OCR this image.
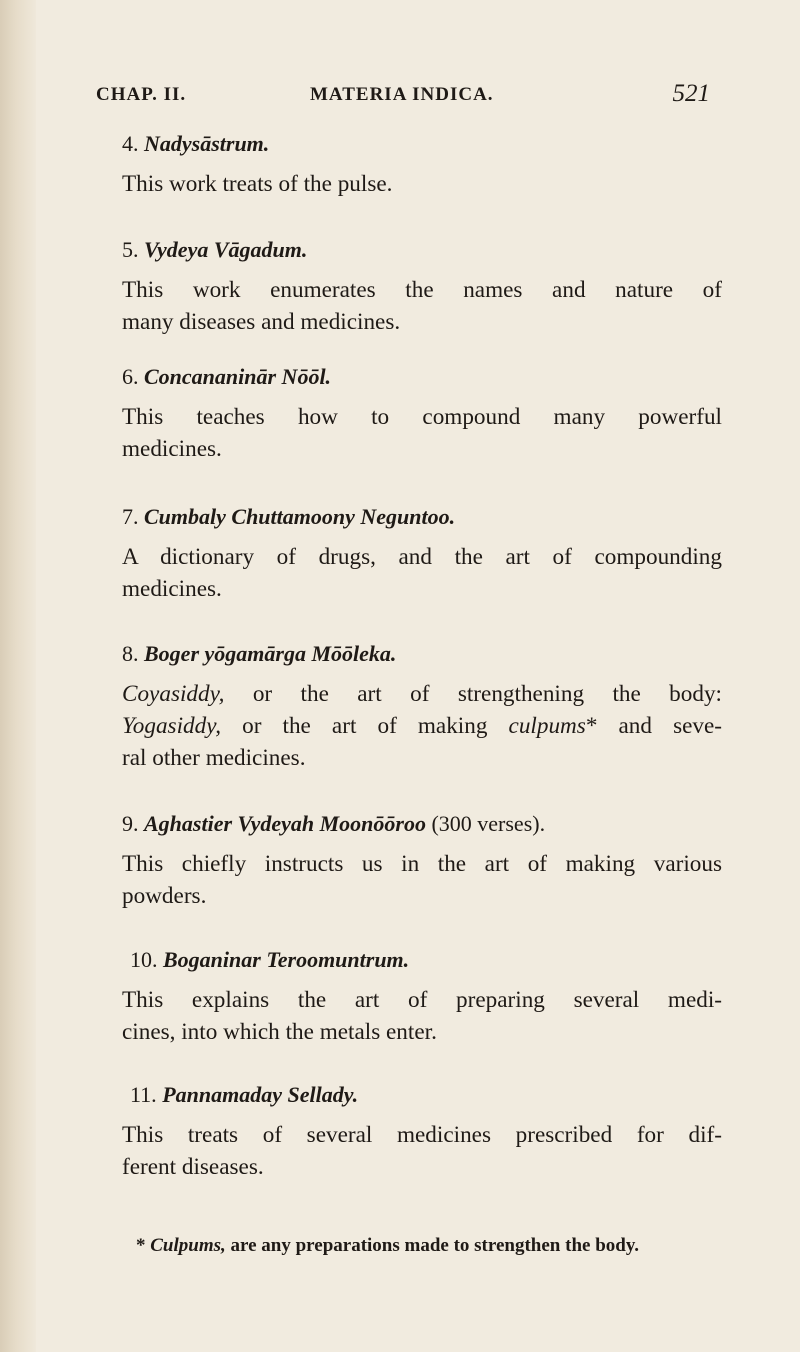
CHAP. II.	MATERIA INDICA.	521
4. Nadysāstrum.
This work treats of the pulse.
5. Vydeya Vāgadum.
This work enumerates the names and nature of
many diseases and medicines.
6. Concananinār Nōōl.
This teaches how to compound many powerful
medicines.
7. Cumbaly Chuttamoony Neguntoo.
A dictionary of drugs, and the art of compounding
medicines.
8. Boger yōgamārga Mōōleka.
Coyasiddy, or the art of strengthening the body:
Yogasiddy, or the art of making culpums* and seve-
ral other medicines.
9. Aghastier Vydeyah Moonōōroo (300 verses).
This chiefly instructs us in the art of making various
powders.
10. Boganinar Teroomuntrum.
This explains the art of preparing several medi-
cines, into which the metals enter.
11. Pannamaday Sellady.
This treats of several medicines prescribed for dif-
ferent diseases.
* Culpums, are any preparations made to strengthen the body.
